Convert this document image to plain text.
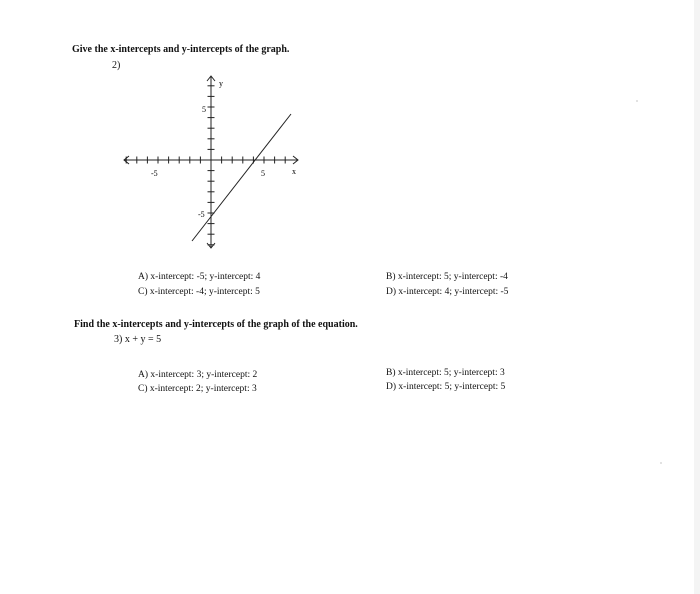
Give the x-intercepts and y-intercepts of the graph.
2)
y
x
5
-5
5
-5
A) x-intercept: -5; y-intercept: 4	B) x-intercept: 5; y-intercept: -4
C) x-intercept: -4; y-intercept: 5	D) x-intercept: 4; y-intercept: -5
Find the x-intercepts and y-intercepts of the graph of the equation.
3) x + y = 5
A) x-intercept: 3; y-intercept: 2	B) x-intercept: 5; y-intercept: 3
C) x-intercept: 2; y-intercept: 3	D) x-intercept: 5; y-intercept: 5
